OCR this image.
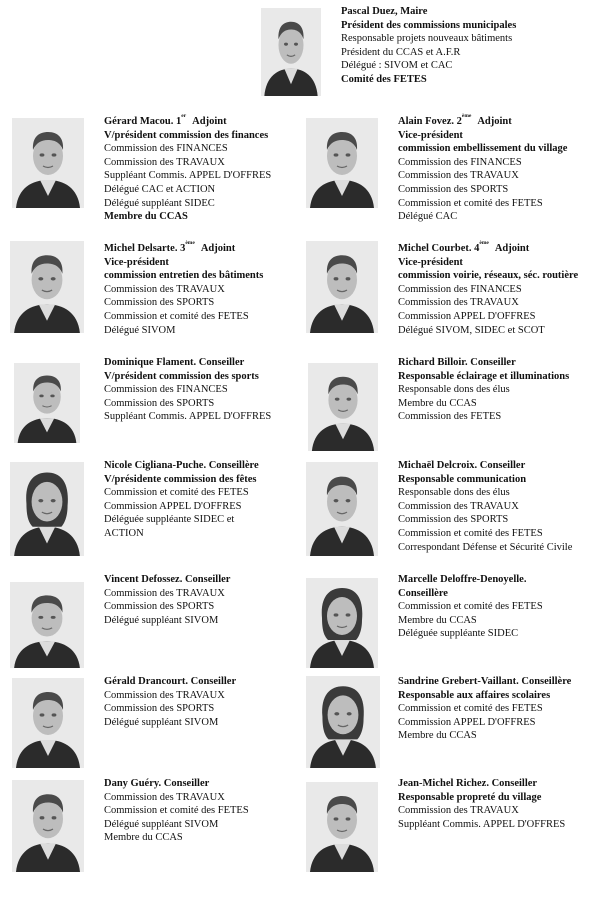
Pascal Duez, Maire
Président des commissions municipales
Responsable projets nouveaux bâtiments
Président du CCAS et A.F.R
Délégué : SIVOM et CAC
Comité des FETES
Gérard Macou. 1er Adjoint
V/président commission des finances
Commission des FINANCES
Commission des TRAVAUX
Suppléant Commis. APPEL D'OFFRES
Délégué CAC et ACTION
Délégué suppléant SIDEC
Membre du CCAS
Alain Fovez. 2ème Adjoint
Vice-président
commission embellissement du village
Commission des FINANCES
Commission des TRAVAUX
Commission des SPORTS
Commission et comité des FETES
Délégué CAC
Michel Delsarte. 3ème Adjoint
Vice-président
commission entretien des bâtiments
Commission des TRAVAUX
Commission des SPORTS
Commission et comité des FETES
Délégué SIVOM
Michel Courbet. 4ème Adjoint
Vice-président
commission voirie, réseaux, séc. routière
Commission des FINANCES
Commission des TRAVAUX
Commission APPEL D'OFFRES
Délégué SIVOM, SIDEC et SCOT
Dominique Flament. Conseiller
V/président commission des sports
Commission des FINANCES
Commission des SPORTS
Suppléant Commis. APPEL D'OFFRES
Richard Billoir. Conseiller
Responsable éclairage et illuminations
Responsable dons des élus
Membre du CCAS
Commission des FETES
Nicole Cigliana-Puche. Conseillère
V/présidente commission des fêtes
Commission et comité des FETES
Commission APPEL D'OFFRES
Déléguée suppléante SIDEC et
ACTION
Michaël Delcroix. Conseiller
Responsable communication
Responsable dons des élus
Commission des TRAVAUX
Commission des SPORTS
Commission et comité des FETES
Correspondant Défense et Sécurité Civile
Vincent Defossez. Conseiller
Commission des TRAVAUX
Commission des SPORTS
Délégué suppléant SIVOM
Marcelle Deloffre-Denoyelle.
Conseillère
Commission et comité des FETES
Membre du CCAS
Déléguée suppléante SIDEC
Gérald Drancourt. Conseiller
Commission des TRAVAUX
Commission des SPORTS
Délégué suppléant SIVOM
Sandrine Grebert-Vaillant. Conseillère
Responsable aux affaires scolaires
Commission et comité des FETES
Commission APPEL D'OFFRES
Membre du CCAS
Dany Guéry. Conseiller
Commission des TRAVAUX
Commission et comité des FETES
Délégué suppléant SIVOM
Membre du CCAS
Jean-Michel Richez. Conseiller
Responsable propreté du village
Commission des TRAVAUX
Suppléant Commis. APPEL D'OFFRES
